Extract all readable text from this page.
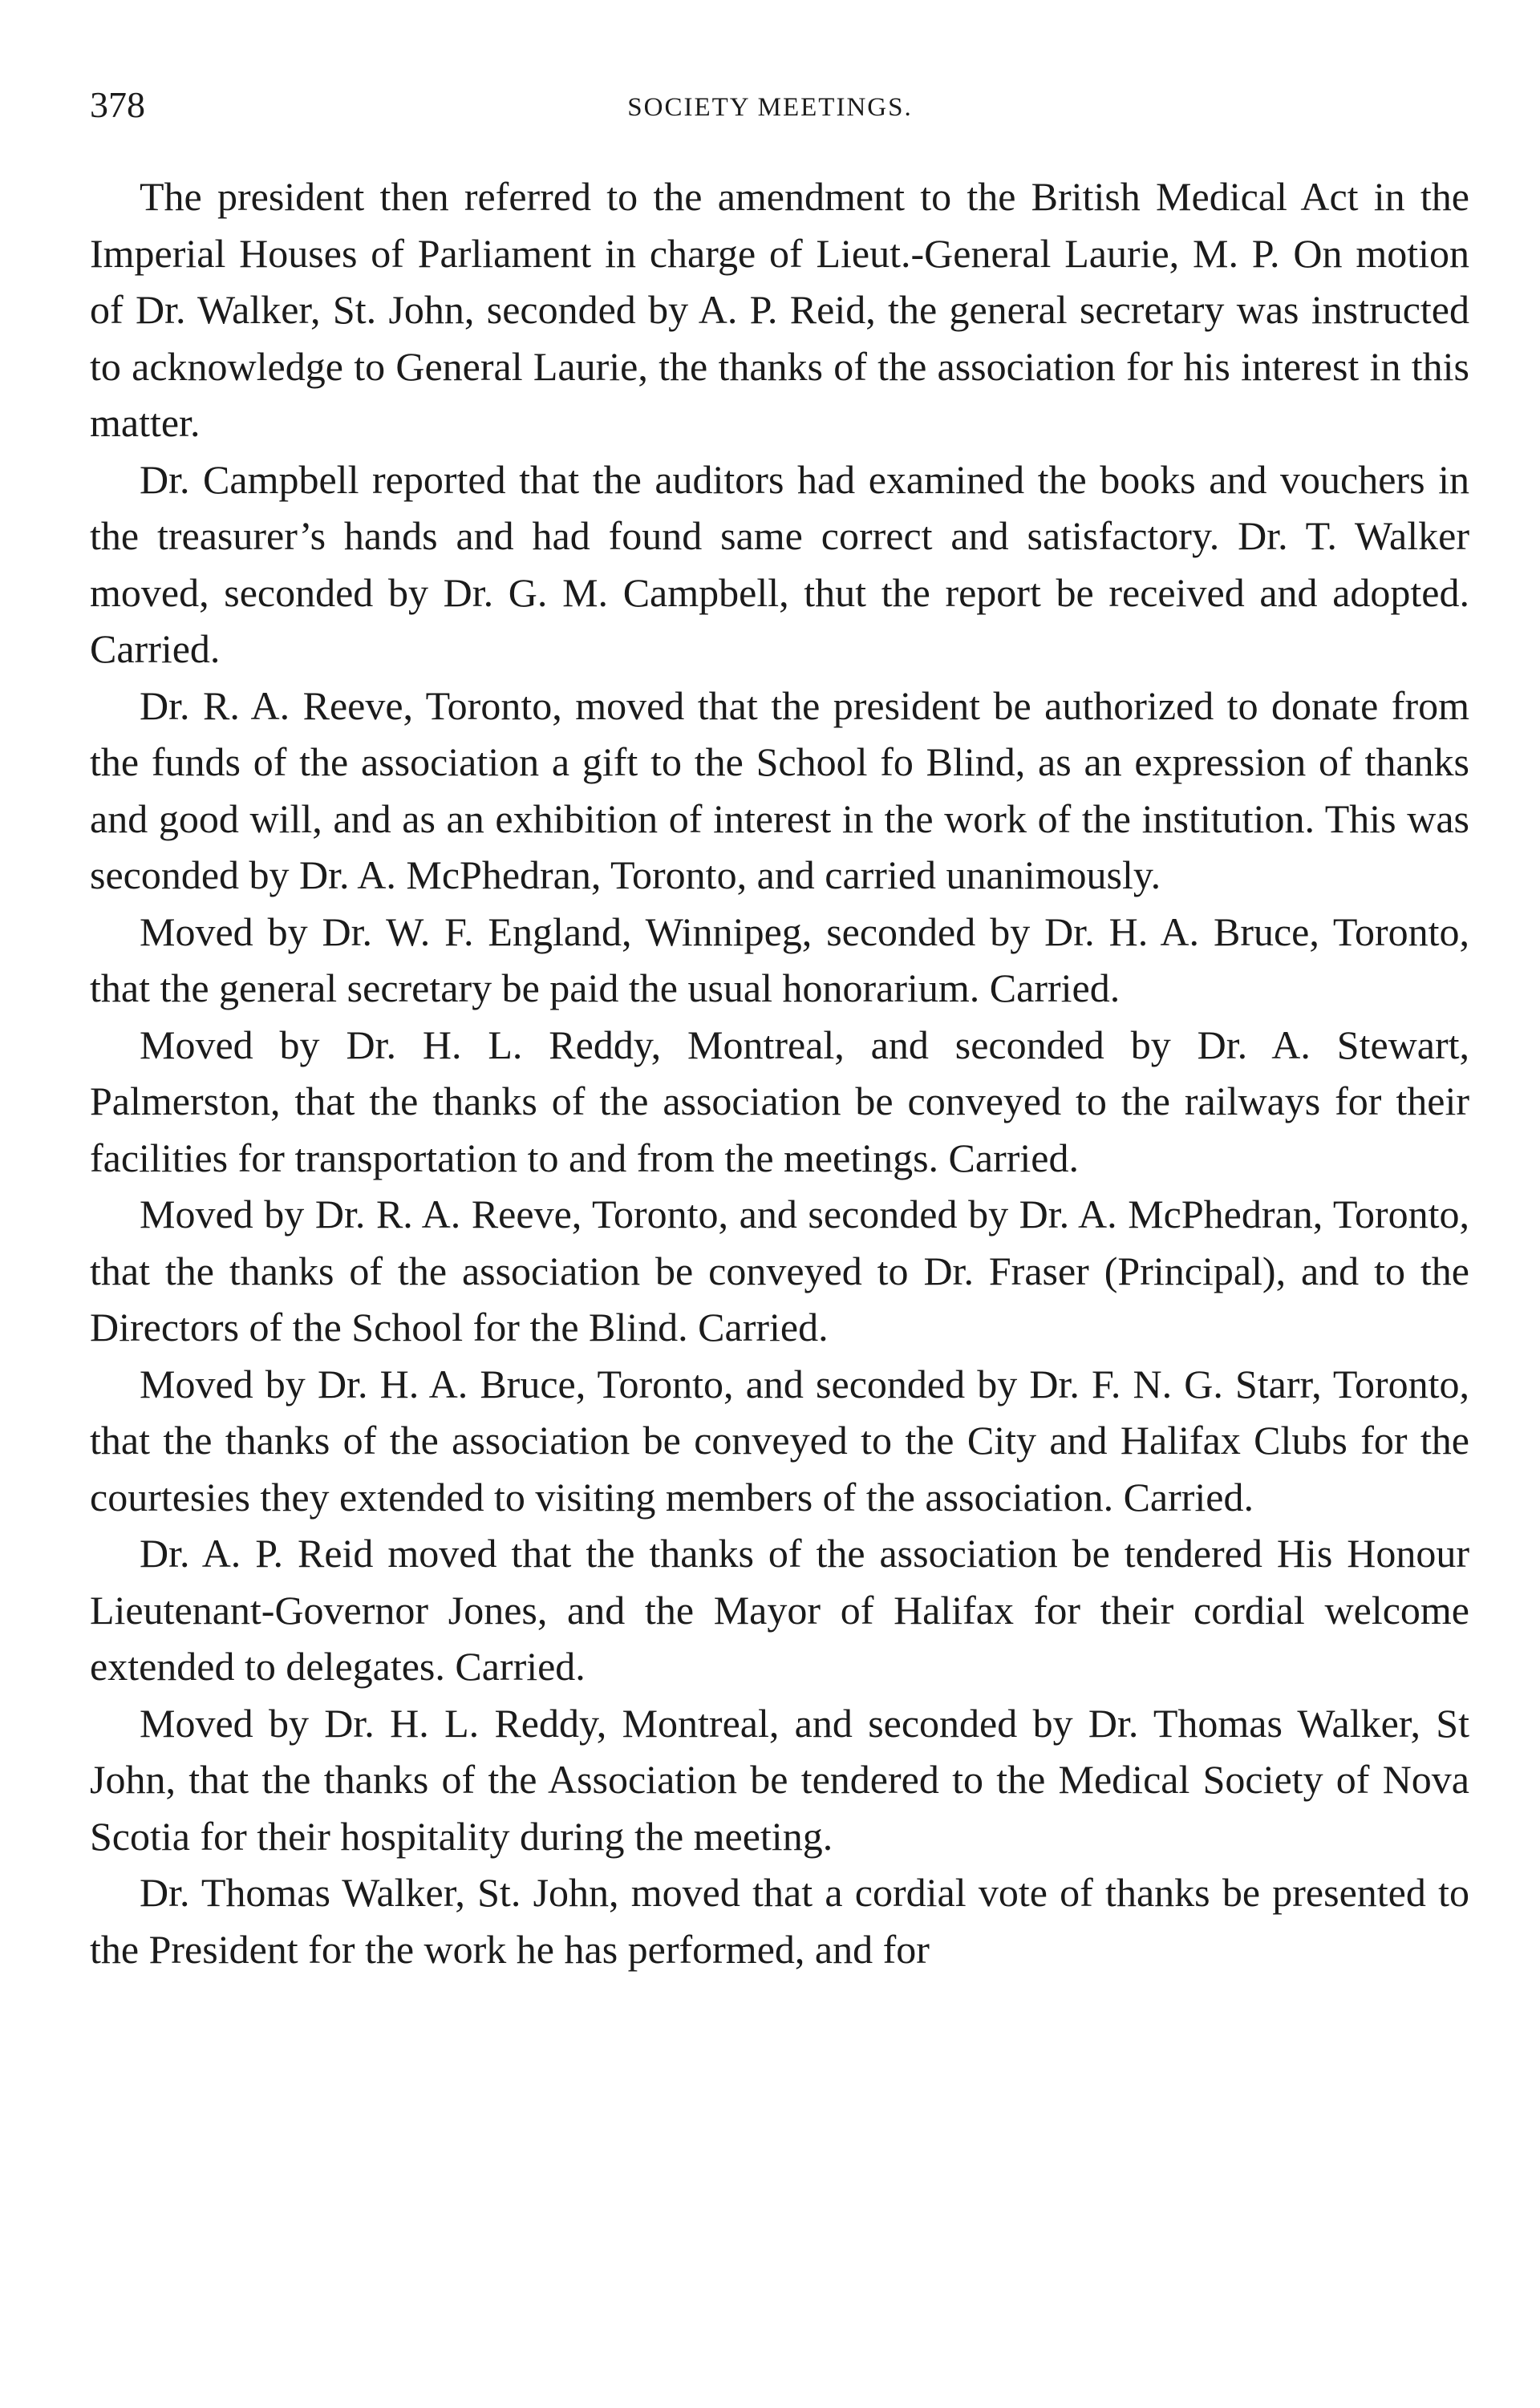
378	SOCIETY MEETINGS.

The president then referred to the amendment to the British Medical Act in the Imperial Houses of Parliament in charge of Lieut.-General Laurie, M. P. On motion of Dr. Walker, St. John, seconded by A. P. Reid, the general secretary was instructed to acknowledge to General Laurie, the thanks of the association for his interest in this matter.

Dr. Campbell reported that the auditors had examined the books and vouchers in the treasurer’s hands and had found same correct and satisfactory. Dr. T. Walker moved, seconded by Dr. G. M. Campbell, thut the report be received and adopted. Carried.

Dr. R. A. Reeve, Toronto, moved that the president be authorized to donate from the funds of the association a gift to the School fo Blind, as an expression of thanks and good will, and as an exhibition of interest in the work of the institution. This was seconded by Dr. A. McPhedran, Toronto, and carried unanimously.

Moved by Dr. W. F. England, Winnipeg, seconded by Dr. H. A. Bruce, Toronto, that the general secretary be paid the usual honorarium. Carried.

Moved by Dr. H. L. Reddy, Montreal, and seconded by Dr. A. Stewart, Palmerston, that the thanks of the association be conveyed to the railways for their facilities for transportation to and from the meetings. Carried.

Moved by Dr. R. A. Reeve, Toronto, and seconded by Dr. A. McPhedran, Toronto, that the thanks of the association be conveyed to Dr. Fraser (Principal), and to the Directors of the School for the Blind. Carried.

Moved by Dr. H. A. Bruce, Toronto, and seconded by Dr. F. N. G. Starr, Toronto, that the thanks of the association be conveyed to the City and Halifax Clubs for the courtesies they extended to visiting members of the association. Carried.

Dr. A. P. Reid moved that the thanks of the association be tendered His Honour Lieutenant-Governor Jones, and the Mayor of Halifax for their cordial welcome extended to delegates. Carried.

Moved by Dr. H. L. Reddy, Montreal, and seconded by Dr. Thomas Walker, St John, that the thanks of the Association be tendered to the Medical Society of Nova Scotia for their hospitality during the meeting.

Dr. Thomas Walker, St. John, moved that a cordial vote of thanks be presented to the President for the work he has performed, and for
